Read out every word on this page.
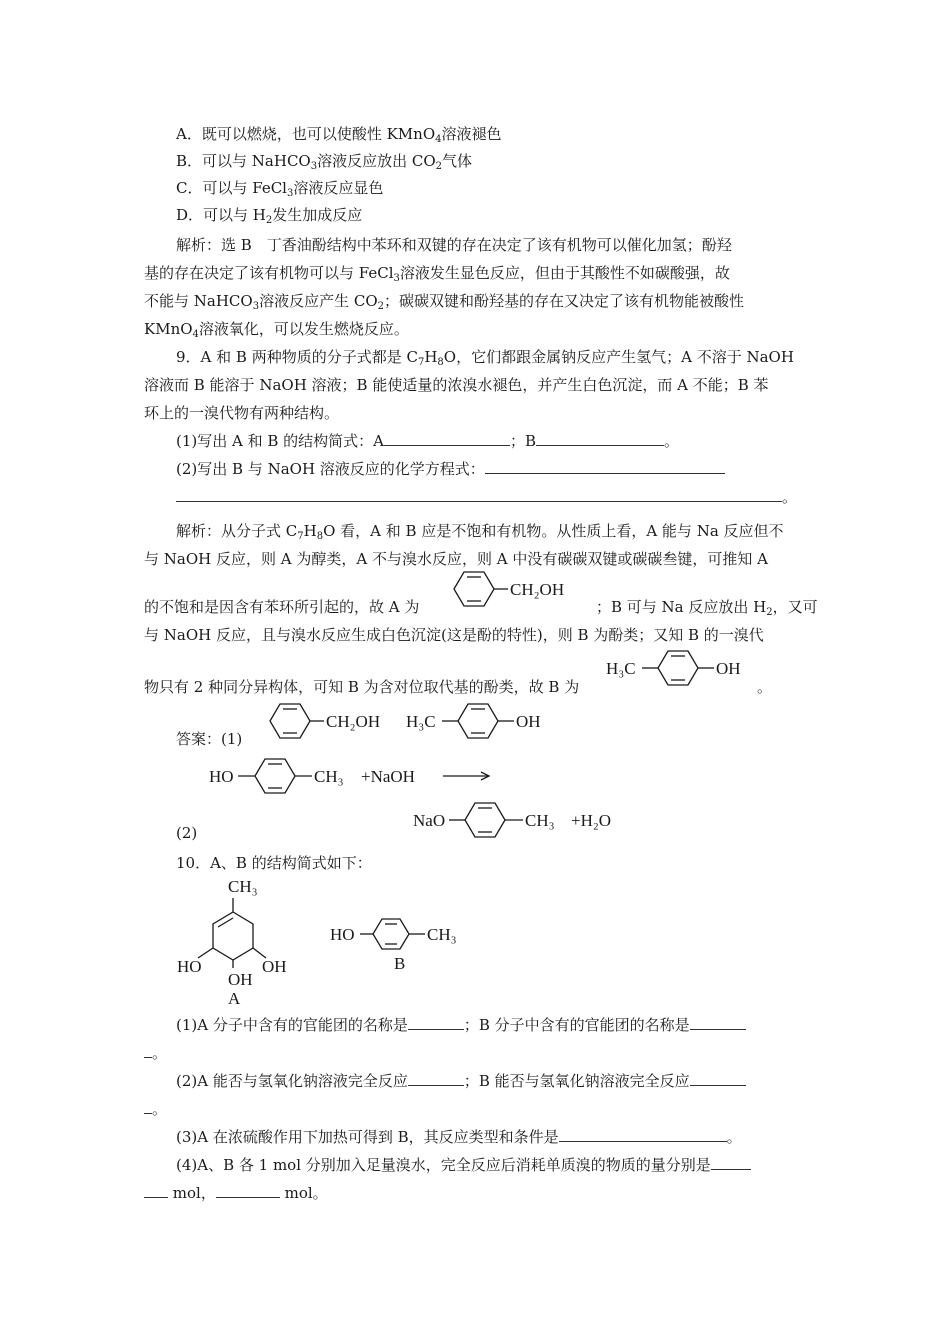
A．既可以燃烧，也可以使酸性 KMnO$_4$溶液褪色
B．可以与 NaHCO$_3$溶液反应放出 $CO_2$气体
C．可以与 FeCl$_3$溶液反应显色
D．可以与 $H_2$发生加成反应
解析：选 B　丁香油酚结构中苯环和双键的存在决定了该有机物可以催化加氢；酚羟
基的存在决定了该有机物可以与 FeCl$_3$溶液发生显色反应，但由于其酸性不如碳酸强，故
不能与 NaHCO$_3$溶液反应产生 $CO_2$；碳碳双键和酚羟基的存在又决定了该有机物能被酸性
KMnO$_4$溶液氧化，可以发生燃烧反应。
9．A 和 B 两种物质的分子式都是 $C_7H_8O$，它们都跟金属钠反应产生氢气；A 不溶于 NaOH
溶液而 B 能溶于 NaOH 溶液；B 能使适量的浓溴水褪色，并产生白色沉淀，而 A 不能；B 苯
环上的一溴代物有两种结构。
(1)写出 A 和 B 的结构简式：A	；B	。
(2)写出 B 与 NaOH 溶液反应的化学方程式：
。
解析：从分子式 $C_7H_8O$ 看，A 和 B 应是不饱和有机物。从性质上看，A 能与 Na 反应但不
与 NaOH 反应，则 A 为醇类，A 不与溴水反应，则 A 中没有碳碳双键或碳碳叁键，可推知 A
的不饱和是因含有苯环所引起的，故 A 为	；B 可与 Na 反应放出 $H_2$，又可
与 NaOH 反应，且与溴水反应生成白色沉淀(这是酚的特性)，则 B 为酚类；又知 B 的一溴代
物只有 2 种同分异构体，可知 B 为含对位取代基的酚类，故 B 为	。
CH₂OH
H₃C	OH
答案：(1)
CH₂OH H₃C	OH
HO	CH₃ +NaOH
(2)
NaO	CH₃ +H₂O
10．A、B 的结构简式如下：
CH₃
HO
OH
OH
A
HO	CH₃
B
(1)A 分子中含有的官能团的名称是	；B 分子中含有的官能团的名称是
。
(2)A 能否与氢氧化钠溶液完全反应	；B 能否与氢氧化钠溶液完全反应
。
(3)A 在浓硫酸作用下加热可得到 B，其反应类型和条件是	。
(4)A、B 各 1 mol 分别加入足量溴水，完全反应后消耗单质溴的物质的量分别是
mol，	mol。
